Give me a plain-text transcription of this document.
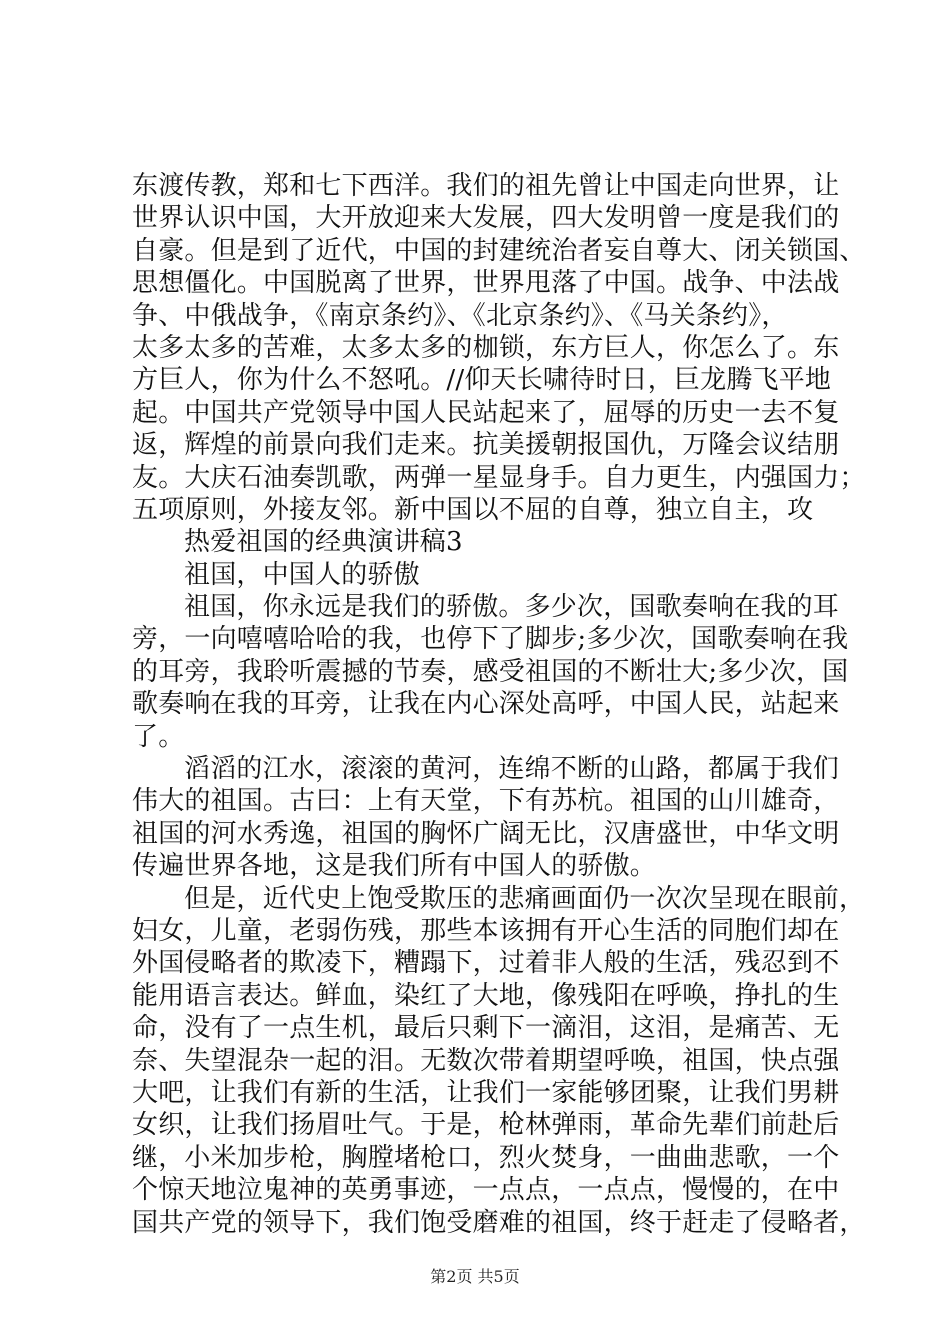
东渡传教，郑和七下西洋。我们的祖先曾让中国走向世界，让
世界认识中国，大开放迎来大发展，四大发明曾一度是我们的
自豪。但是到了近代，中国的封建统治者妄自尊大、闭关锁国、
思想僵化。中国脱离了世界，世界甩落了中国。战争、中法战
争、中俄战争，《南京条约》、《北京条约》、《马关条约》，
太多太多的苦难，太多太多的枷锁，东方巨人，你怎么了。东
方巨人，你为什么不怒吼。//仰天长啸待时日，巨龙腾飞平地
起。中国共产党领导中国人民站起来了，屈辱的历史一去不复
返，辉煌的前景向我们走来。抗美援朝报国仇，万隆会议结朋
友。大庆石油奏凯歌，两弹一星显身手。自力更生，内强国力；
五项原则，外接友邻。新中国以不屈的自尊，独立自主，攻
热爱祖国的经典演讲稿3
祖国，中国人的骄傲
祖国，你永远是我们的骄傲。多少次，国歌奏响在我的耳
旁，一向嘻嘻哈哈的我，也停下了脚步;多少次，国歌奏响在我
的耳旁，我聆听震撼的节奏，感受祖国的不断壮大;多少次，国
歌奏响在我的耳旁，让我在内心深处高呼，中国人民，站起来
了。
滔滔的江水，滚滚的黄河，连绵不断的山路，都属于我们
伟大的祖国。古曰：上有天堂，下有苏杭。祖国的山川雄奇，
祖国的河水秀逸，祖国的胸怀广阔无比，汉唐盛世，中华文明
传遍世界各地，这是我们所有中国人的骄傲。
但是，近代史上饱受欺压的悲痛画面仍一次次呈现在眼前，
妇女，儿童，老弱伤残，那些本该拥有开心生活的同胞们却在
外国侵略者的欺凌下，糟蹋下，过着非人般的生活，残忍到不
能用语言表达。鲜血，染红了大地，像残阳在呼唤，挣扎的生
命，没有了一点生机，最后只剩下一滴泪，这泪，是痛苦、无
奈、失望混杂一起的泪。无数次带着期望呼唤，祖国，快点强
大吧，让我们有新的生活，让我们一家能够团聚，让我们男耕
女织，让我们扬眉吐气。于是，枪林弹雨，革命先辈们前赴后
继，小米加步枪，胸膛堵枪口，烈火焚身，一曲曲悲歌，一个
个惊天地泣鬼神的英勇事迹，一点点，一点点，慢慢的，在中
国共产党的领导下，我们饱受磨难的祖国，终于赶走了侵略者，
第2页 共5页
